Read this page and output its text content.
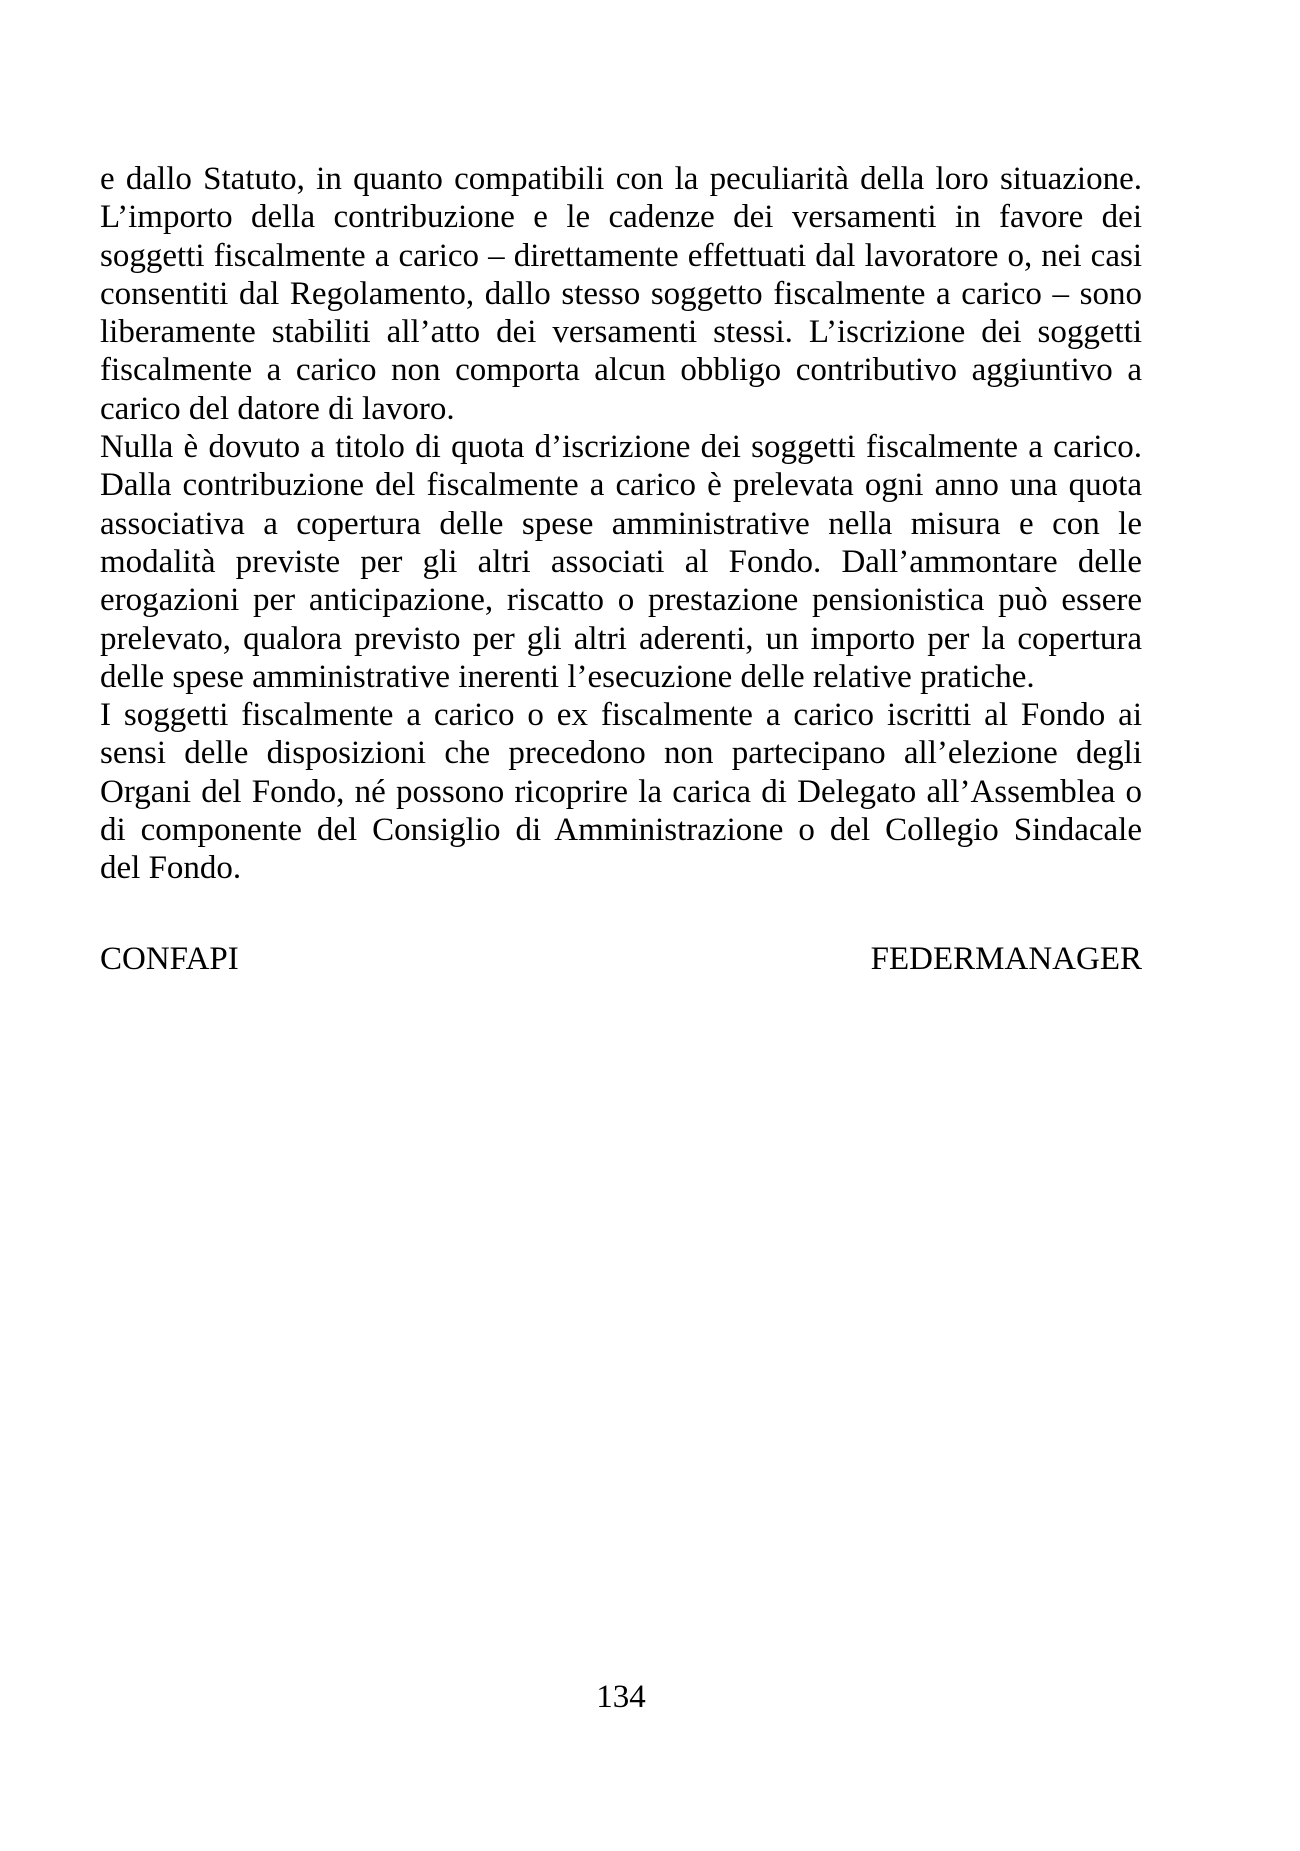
e dallo Statuto, in quanto compatibili con la peculiarità della loro situazione.
L’importo della contribuzione e le cadenze dei versamenti in favore dei
soggetti fiscalmente a carico – direttamente effettuati dal lavoratore o, nei casi
consentiti dal Regolamento, dallo stesso soggetto fiscalmente a carico – sono
liberamente stabiliti all’atto dei versamenti stessi. L’iscrizione dei soggetti
fiscalmente a carico non comporta alcun obbligo contributivo aggiuntivo a
carico del datore di lavoro.
Nulla è dovuto a titolo di quota d’iscrizione dei soggetti fiscalmente a carico.
Dalla contribuzione del fiscalmente a carico è prelevata ogni anno una quota
associativa a copertura delle spese amministrative nella misura e con le
modalità previste per gli altri associati al Fondo. Dall’ammontare delle
erogazioni per anticipazione, riscatto o prestazione pensionistica può essere
prelevato, qualora previsto per gli altri aderenti, un importo per la copertura
delle spese amministrative inerenti l’esecuzione delle relative pratiche.
I soggetti fiscalmente a carico o ex fiscalmente a carico iscritti al Fondo ai
sensi delle disposizioni che precedono non partecipano all’elezione degli
Organi del Fondo, né possono ricoprire la carica di Delegato all’Assemblea o
di componente del Consiglio di Amministrazione o del Collegio Sindacale
del Fondo.
CONFAPI	FEDERMANAGER
134
